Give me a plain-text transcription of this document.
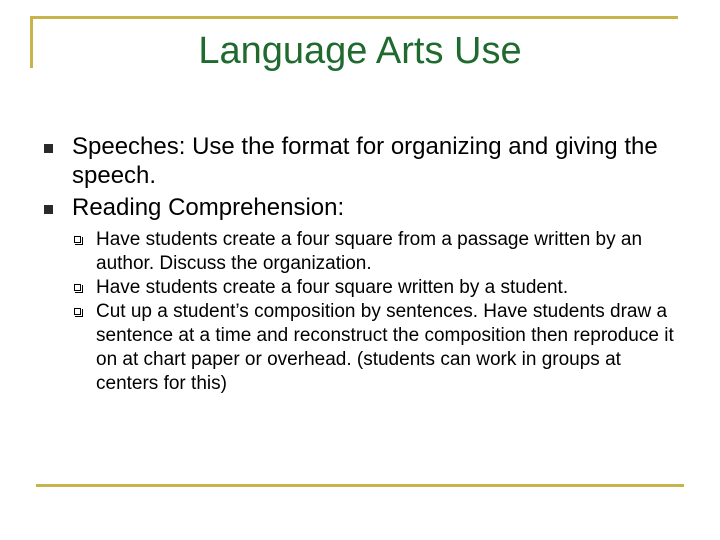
Language Arts Use
Speeches: Use the format for organizing and giving the speech.
Reading Comprehension:
Have students create a four square from a passage written by an author. Discuss the organization.
Have students create a four square written by a student.
Cut up a student’s composition by sentences. Have students draw a sentence at a time and reconstruct the composition then reproduce it on at chart paper or overhead. (students can work in groups at centers for this)
